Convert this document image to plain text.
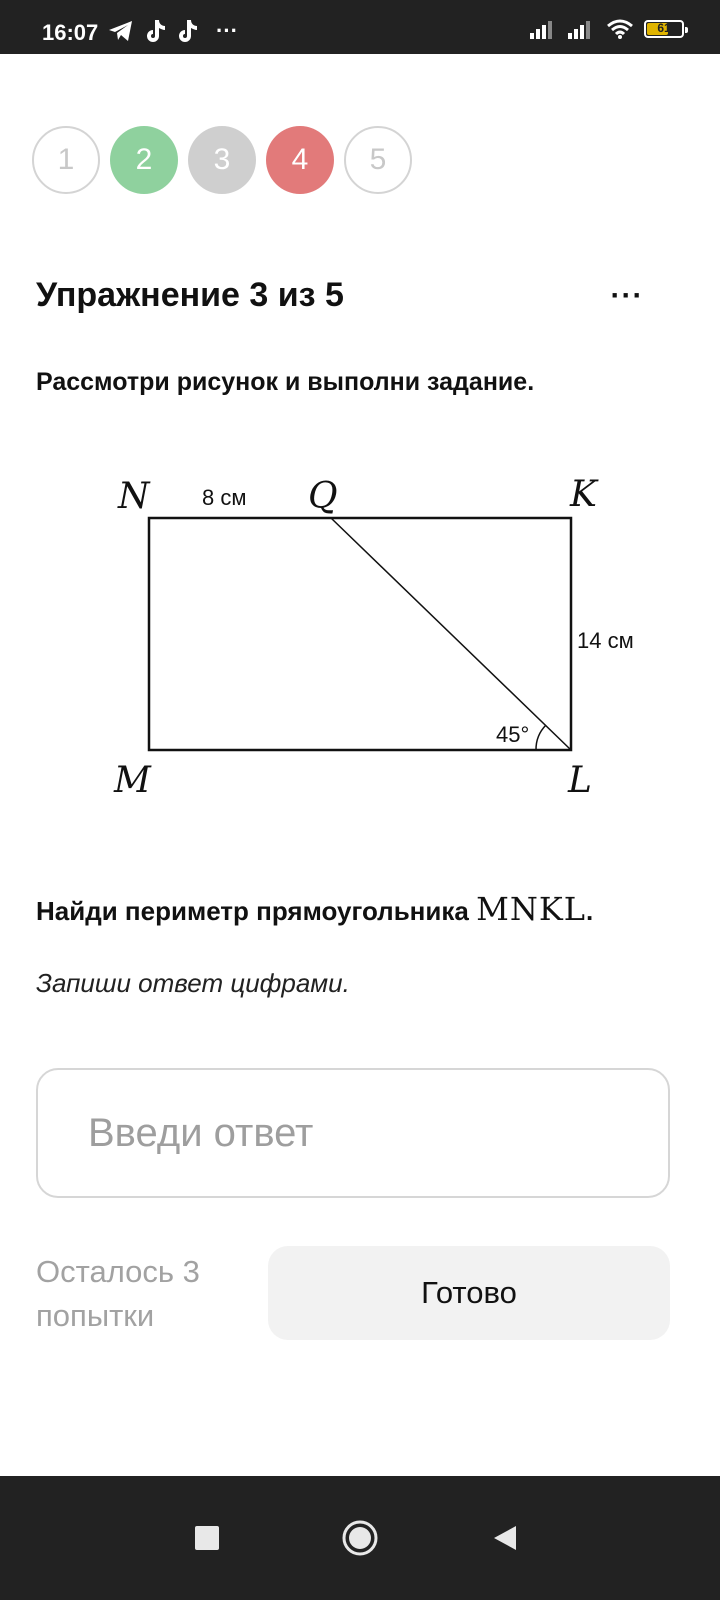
16:07	···	61
1	2	3	4	5
Упражнение 3 из 5	···
Рассмотри рисунок и выполни задание.
N	Q	K
M	L
8 см
14 см
45°
Найди периметр прямоугольника MNKL.
Запиши ответ цифрами.
Введи ответ
Осталось 3 попытки
Готово
